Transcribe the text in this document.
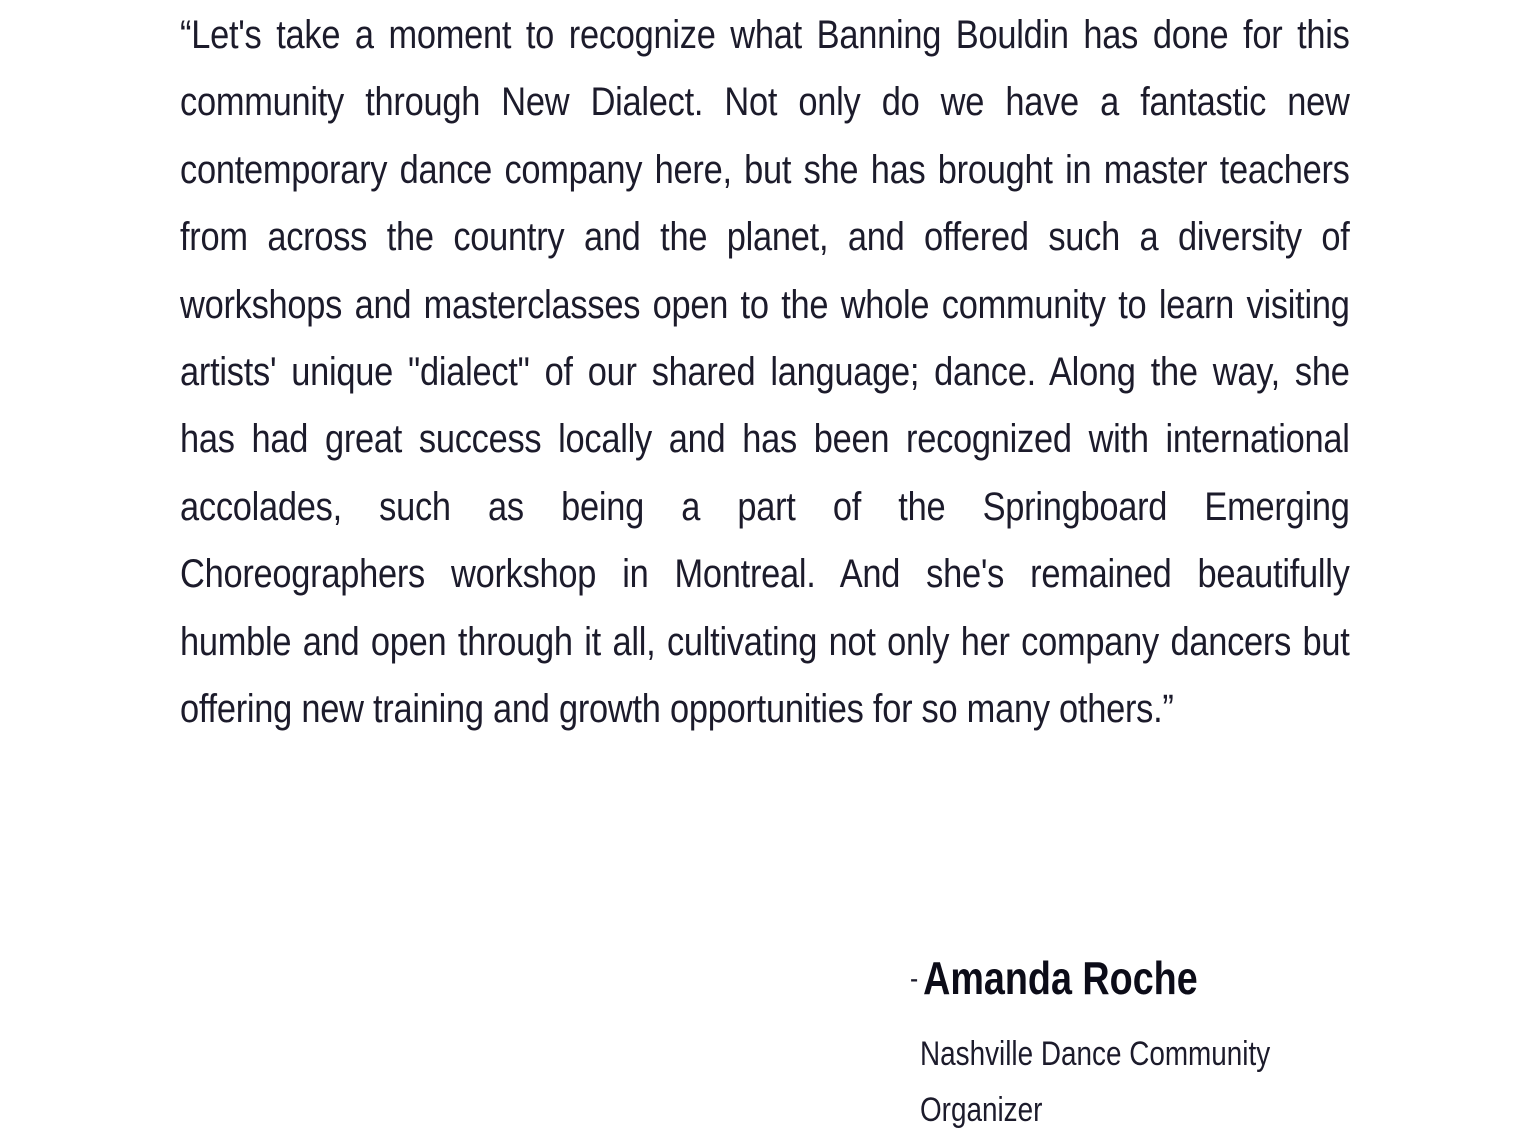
“Let's take a moment to recognize what Banning Bouldin has done for this community through New Dialect. Not only do we have a fantastic new contemporary dance company here, but she has brought in master teachers from across the country and the planet, and offered such a diversity of workshops and masterclasses open to the whole community to learn visiting artists' unique "dialect" of our shared language; dance. Along the way, she has had great success locally and has been recognized with international accolades, such as being a part of the Springboard Emerging Choreographers workshop in Montreal. And she's remained beautifully humble and open through it all, cultivating not only her company dancers but offering new training and growth opportunities for so many others.”

- Amanda Roche
Nashville Dance Community
Organizer
